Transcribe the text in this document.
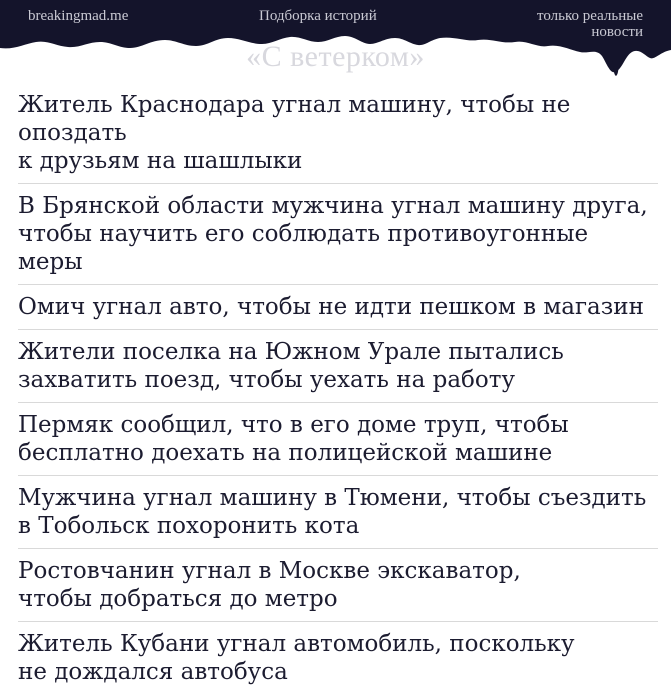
breakingmad.me	Подборка историй	только реальные
новости
«С ветерком»
Житель Краснодара угнал машину, чтобы не опоздать
к друзьям на шашлыки
В Брянской области мужчина угнал машину друга,
чтобы научить его соблюдать противоугонные меры
Омич угнал авто, чтобы не идти пешком в магазин
Жители поселка на Южном Урале пытались
захватить поезд, чтобы уехать на работу
Пермяк сообщил, что в его доме труп, чтобы
бесплатно доехать на полицейской машине
Мужчина угнал машину в Тюмени, чтобы съездить
в Тобольск похоронить кота
Ростовчанин угнал в Москве экскаватор,
чтобы добраться до метро
Житель Кубани угнал автомобиль, поскольку
не дождался автобуса
